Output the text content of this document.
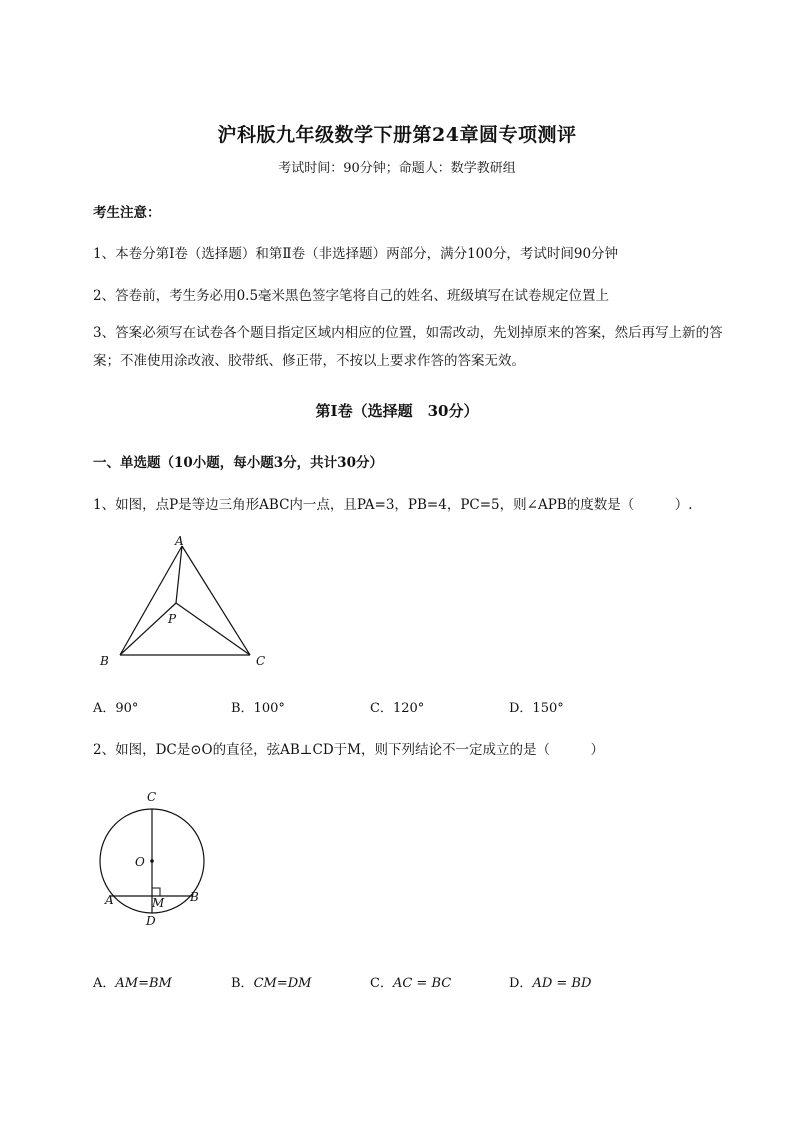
沪科版九年级数学下册第24章圆专项测评
考试时间：90分钟；命题人：数学教研组
考生注意：
1、本卷分第I卷（选择题）和第Ⅱ卷（非选择题）两部分，满分100分，考试时间90分钟
2、答卷前，考生务必用0.5毫米黑色签字笔将自己的姓名、班级填写在试卷规定位置上
3、答案必须写在试卷各个题目指定区域内相应的位置，如需改动，先划掉原来的答案，然后再写上新的答案；不准使用涂改液、胶带纸、修正带，不按以上要求作答的答案无效。
第I卷（选择题　30分）
一、单选题（10小题，每小题3分，共计30分）
1、如图，点P是等边三角形ABC内一点，且PA=3，PB=4，PC=5，则∠APB的度数是（　　　）.
A
B	C
P
A．90°	B．100°	C．120°	D．150°
2、如图，DC是⊙O的直径，弦AB⊥CD于M，则下列结论不一定成立的是（　　　）
C
O
A	B
M
D
A．AM=BM	B．CM=DM	C．AC = BC	D．AD = BD
